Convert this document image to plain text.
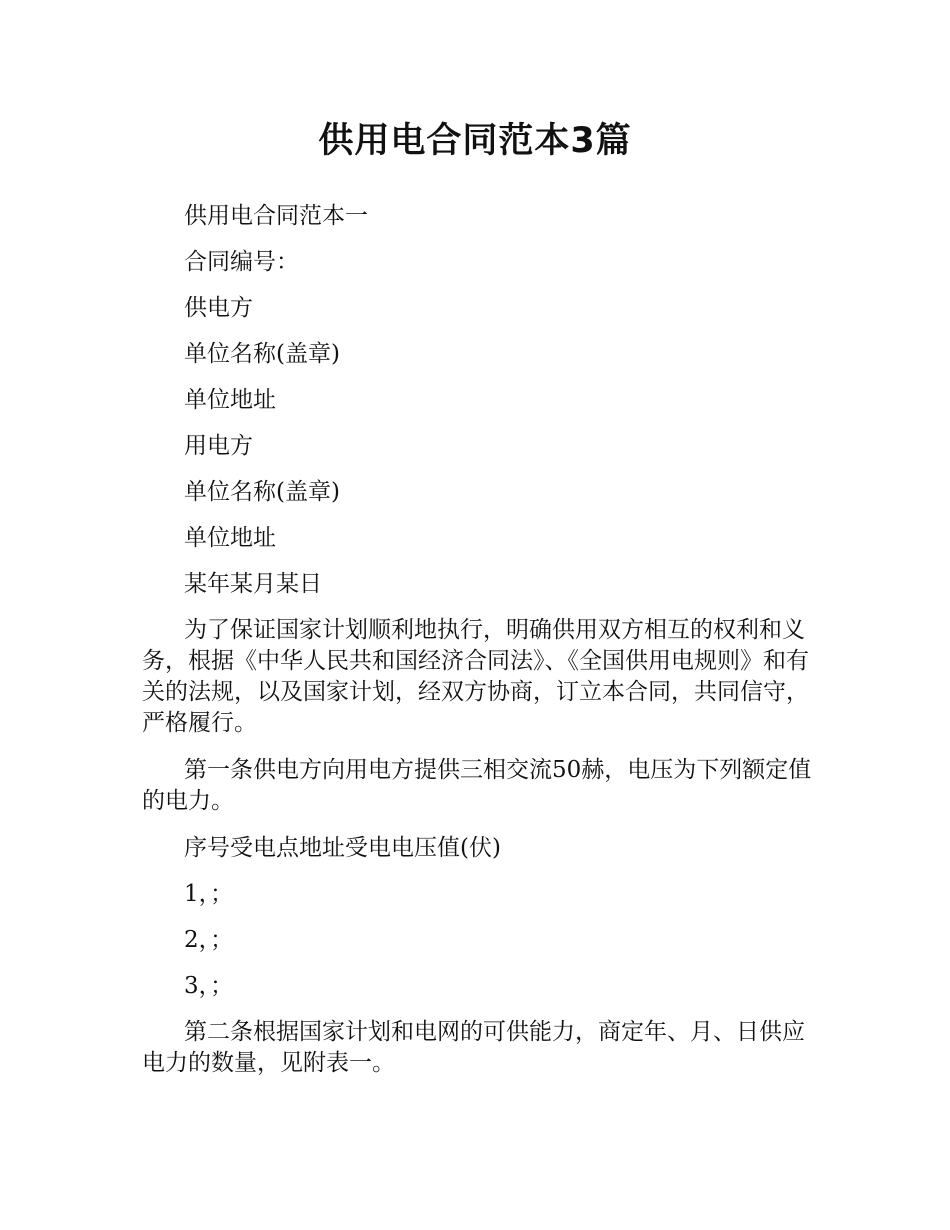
供用电合同范本3篇

供用电合同范本一

合同编号：

供电方

单位名称(盖章)

单位地址

用电方

单位名称(盖章)

单位地址

某年某月某日

为了保证国家计划顺利地执行，明确供用双方相互的权利和义务，根据《中华人民共和国经济合同法》、《全国供用电规则》和有关的法规，以及国家计划，经双方协商，订立本合同，共同信守，严格履行。

第一条供电方向用电方提供三相交流50赫，电压为下列额定值的电力。

序号受电点地址受电电压值(伏)

1，；

2，；

3，；

第二条根据国家计划和电网的可供能力，商定年、月、日供应电力的数量，见附表一。
